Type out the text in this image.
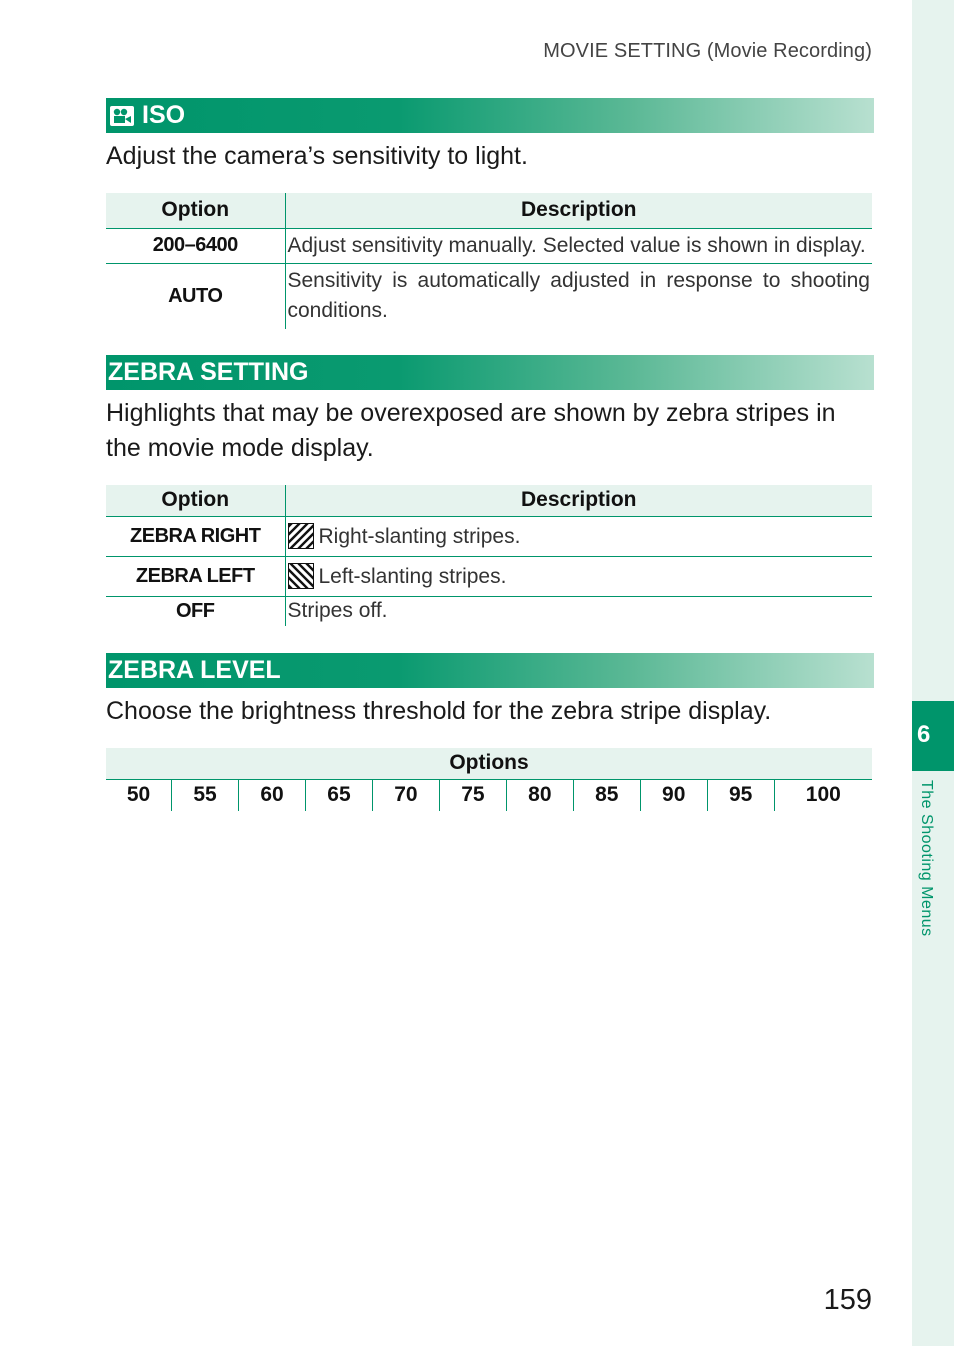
MOVIE SETTING (Movie Recording)
ISO
Adjust the camera’s sensitivity to light.
Option	Description
200–6400	Adjust sensitivity manually. Selected value is shown in display.
AUTO	Sensitivity is automatically adjusted in response to shooting conditions.
ZEBRA SETTING
Highlights that may be overexposed are shown by zebra stripes in the movie mode display.
Option	Description
ZEBRA RIGHT	Right-slanting stripes.
ZEBRA LEFT	Left-slanting stripes.
OFF	Stripes off.
ZEBRA LEVEL
Choose the brightness threshold for the zebra stripe display.
Options
50	55	60	65	70	75	80	85	90	95	100
6
The Shooting Menus
159
